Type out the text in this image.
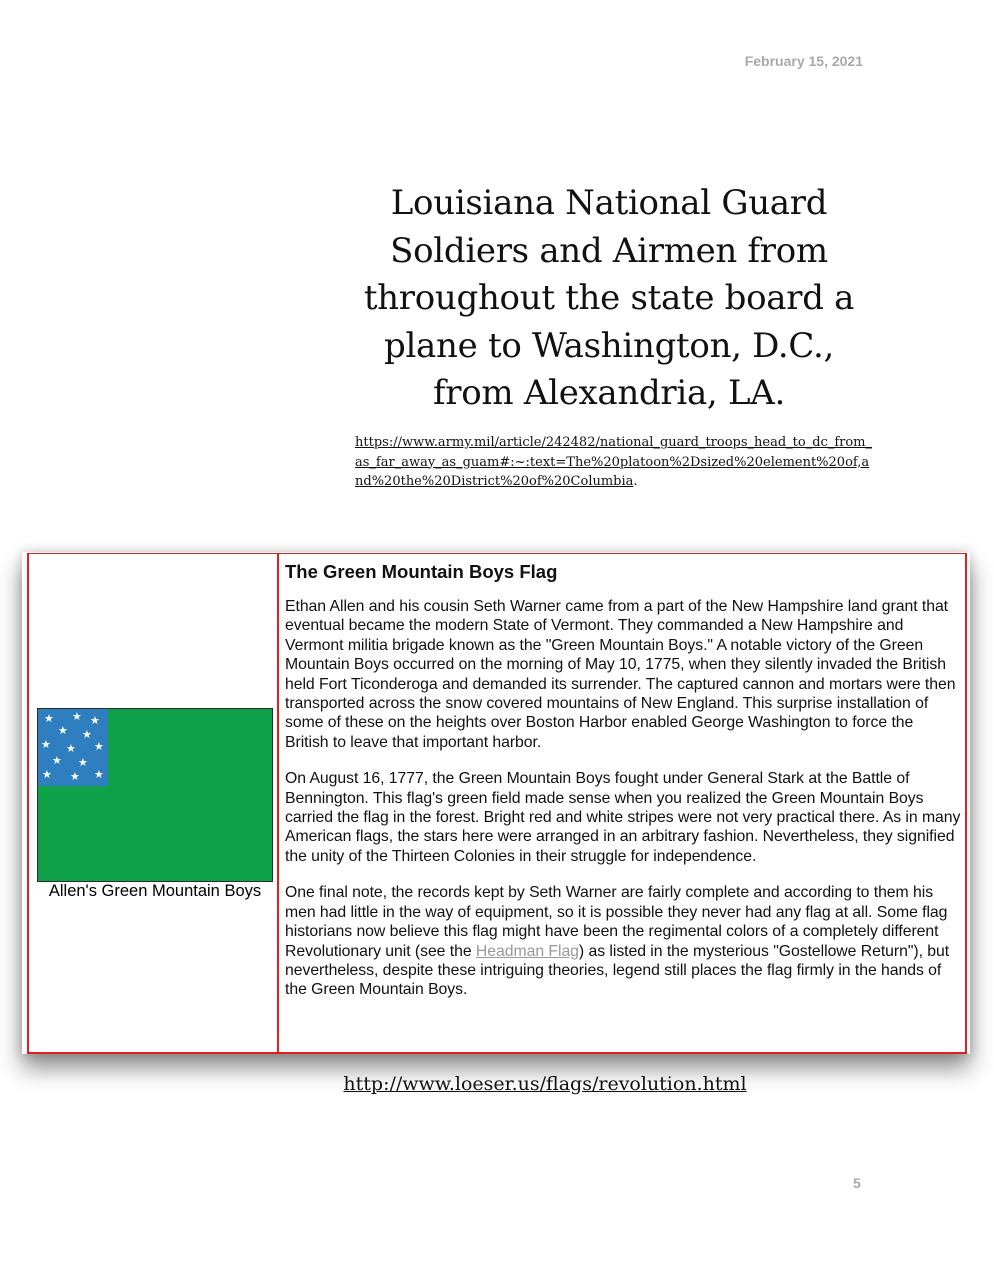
February 15, 2021
Louisiana National Guard Soldiers and Airmen from throughout the state board a plane to Washington, D.C., from Alexandria, LA.
https://www.army.mil/article/242482/national_guard_troops_head_to_dc_from_as_far_away_as_guam#:~:text=The%20platoon%2Dsized%20element%20of,and%20the%20District%20of%20Columbia.
★ ★ ★
★ ★
★ ★ ★
★ ★
★ ★ ★
Allen's Green Mountain Boys
The Green Mountain Boys Flag

Ethan Allen and his cousin Seth Warner came from a part of the New Hampshire land grant that eventual became the modern State of Vermont. They commanded a New Hampshire and Vermont militia brigade known as the "Green Mountain Boys." A notable victory of the Green Mountain Boys occurred on the morning of May 10, 1775, when they silently invaded the British held Fort Ticonderoga and demanded its surrender. The captured cannon and mortars were then transported across the snow covered mountains of New England. This surprise installation of some of these on the heights over Boston Harbor enabled George Washington to force the British to leave that important harbor.

On August 16, 1777, the Green Mountain Boys fought under General Stark at the Battle of Bennington. This flag's green field made sense when you realized the Green Mountain Boys carried the flag in the forest. Bright red and white stripes were not very practical there. As in many American flags, the stars here were arranged in an arbitrary fashion. Nevertheless, they signified the unity of the Thirteen Colonies in their struggle for independence.

One final note, the records kept by Seth Warner are fairly complete and according to them his men had little in the way of equipment, so it is possible they never had any flag at all. Some flag historians now believe this flag might have been the regimental colors of a completely different Revolutionary unit (see the Headman Flag) as listed in the mysterious "Gostellowe Return"), but nevertheless, despite these intriguing theories, legend still places the flag firmly in the hands of the Green Mountain Boys.

http://www.loeser.us/flags/revolution.html
5
